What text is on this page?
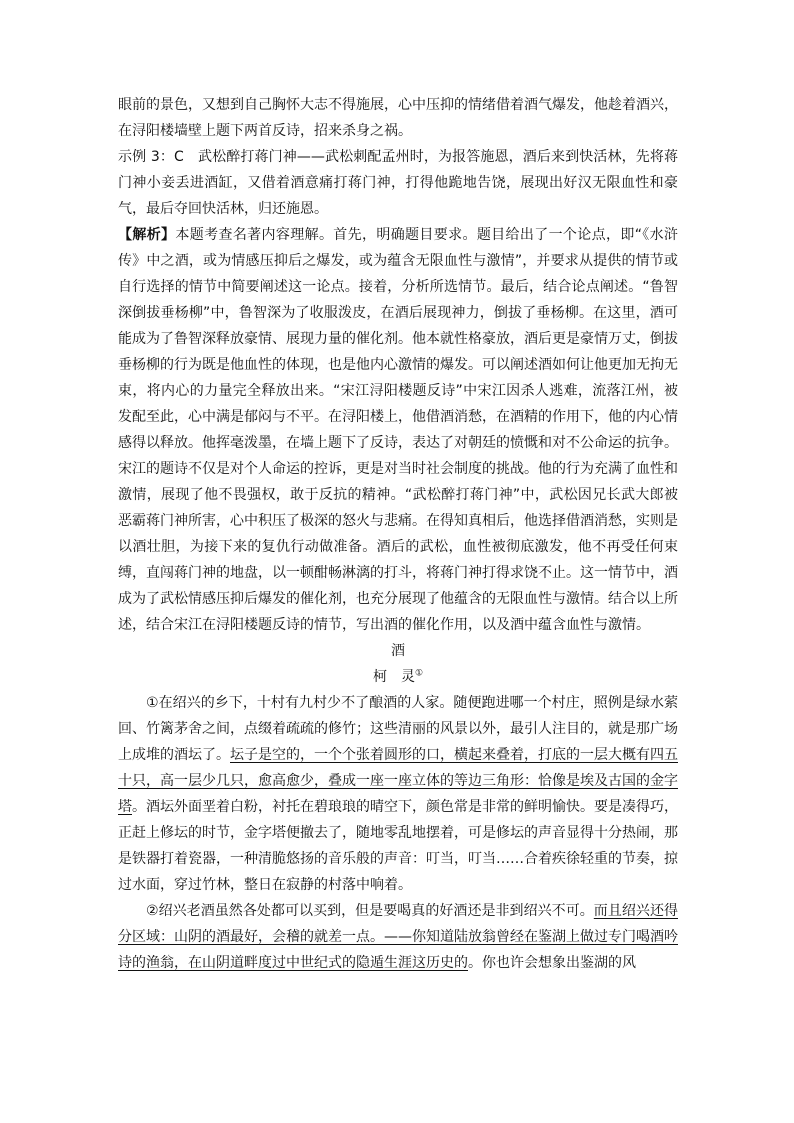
眼前的景色，又想到自己胸怀大志不得施展，心中压抑的情绪借着酒气爆发，他趁着酒兴，在浔阳楼墙壁上题下两首反诗，招来杀身之祸。

示例 3：C　武松醉打蒋门神——武松刺配孟州时，为报答施恩，酒后来到快活林，先将蒋门神小妾丢进酒缸，又借着酒意痛打蒋门神，打得他跪地告饶，展现出好汉无限血性和豪气，最后夺回快活林，归还施恩。

【解析】本题考查名著内容理解。首先，明确题目要求。题目给出了一个论点，即“《水浒传》中之酒，或为情感压抑后之爆发，或为蕴含无限血性与激情”，并要求从提供的情节或自行选择的情节中简要阐述这一论点。接着，分析所选情节。最后，结合论点阐述。“鲁智深倒拔垂杨柳”中，鲁智深为了收服泼皮，在酒后展现神力，倒拔了垂杨柳。在这里，酒可能成为了鲁智深释放豪情、展现力量的催化剂。他本就性格豪放，酒后更是豪情万丈，倒拔垂杨柳的行为既是他血性的体现，也是他内心激情的爆发。可以阐述酒如何让他更加无拘无束，将内心的力量完全释放出来。“宋江浔阳楼题反诗”中宋江因杀人逃难，流落江州，被发配至此，心中满是郁闷与不平。在浔阳楼上，他借酒消愁，在酒精的作用下，他的内心情感得以释放。他挥毫泼墨，在墙上题下了反诗，表达了对朝廷的愤慨和对不公命运的抗争。宋江的题诗不仅是对个人命运的控诉，更是对当时社会制度的挑战。他的行为充满了血性和激情，展现了他不畏强权，敢于反抗的精神。“武松醉打蒋门神”中，武松因兄长武大郎被恶霸蒋门神所害，心中积压了极深的怒火与悲痛。在得知真相后，他选择借酒消愁，实则是以酒壮胆，为接下来的复仇行动做准备。酒后的武松，血性被彻底激发，他不再受任何束缚，直闯蒋门神的地盘，以一顿酣畅淋漓的打斗，将蒋门神打得求饶不止。这一情节中，酒成为了武松情感压抑后爆发的催化剂，也充分展现了他蕴含的无限血性与激情。结合以上所述，结合宋江在浔阳楼题反诗的情节，写出酒的催化作用，以及酒中蕴含血性与激情。

酒

柯　灵①

①在绍兴的乡下，十村有九村少不了酿酒的人家。随便跑进哪一个村庄，照例是绿水萦回、竹篱茅舍之间，点缀着疏疏的修竹；这些清丽的风景以外，最引人注目的，就是那广场上成堆的酒坛了。坛子是空的，一个个张着圆形的口，横起来叠着，打底的一层大概有四五十只，高一层少几只，愈高愈少，叠成一座一座立体的等边三角形：恰像是埃及古国的金字塔。酒坛外面垩着白粉，衬托在碧琅琅的晴空下，颜色常是非常的鲜明愉快。要是凑得巧，正赶上修坛的时节，金字塔便撤去了，随地零乱地摆着，可是修坛的声音显得十分热闹，那是铁器打着瓷器，一种清脆悠扬的音乐般的声音：叮当，叮当……合着疾徐轻重的节奏，掠过水面，穿过竹林，整日在寂静的村落中响着。

②绍兴老酒虽然各处都可以买到，但是要喝真的好酒还是非到绍兴不可。而且绍兴还得分区域：山阴的酒最好，会稽的就差一点。——你知道陆放翁曾经在鉴湖上做过专门喝酒吟诗的渔翁，在山阴道畔度过中世纪式的隐遁生涯这历史的。你也许会想象出鉴湖的风
